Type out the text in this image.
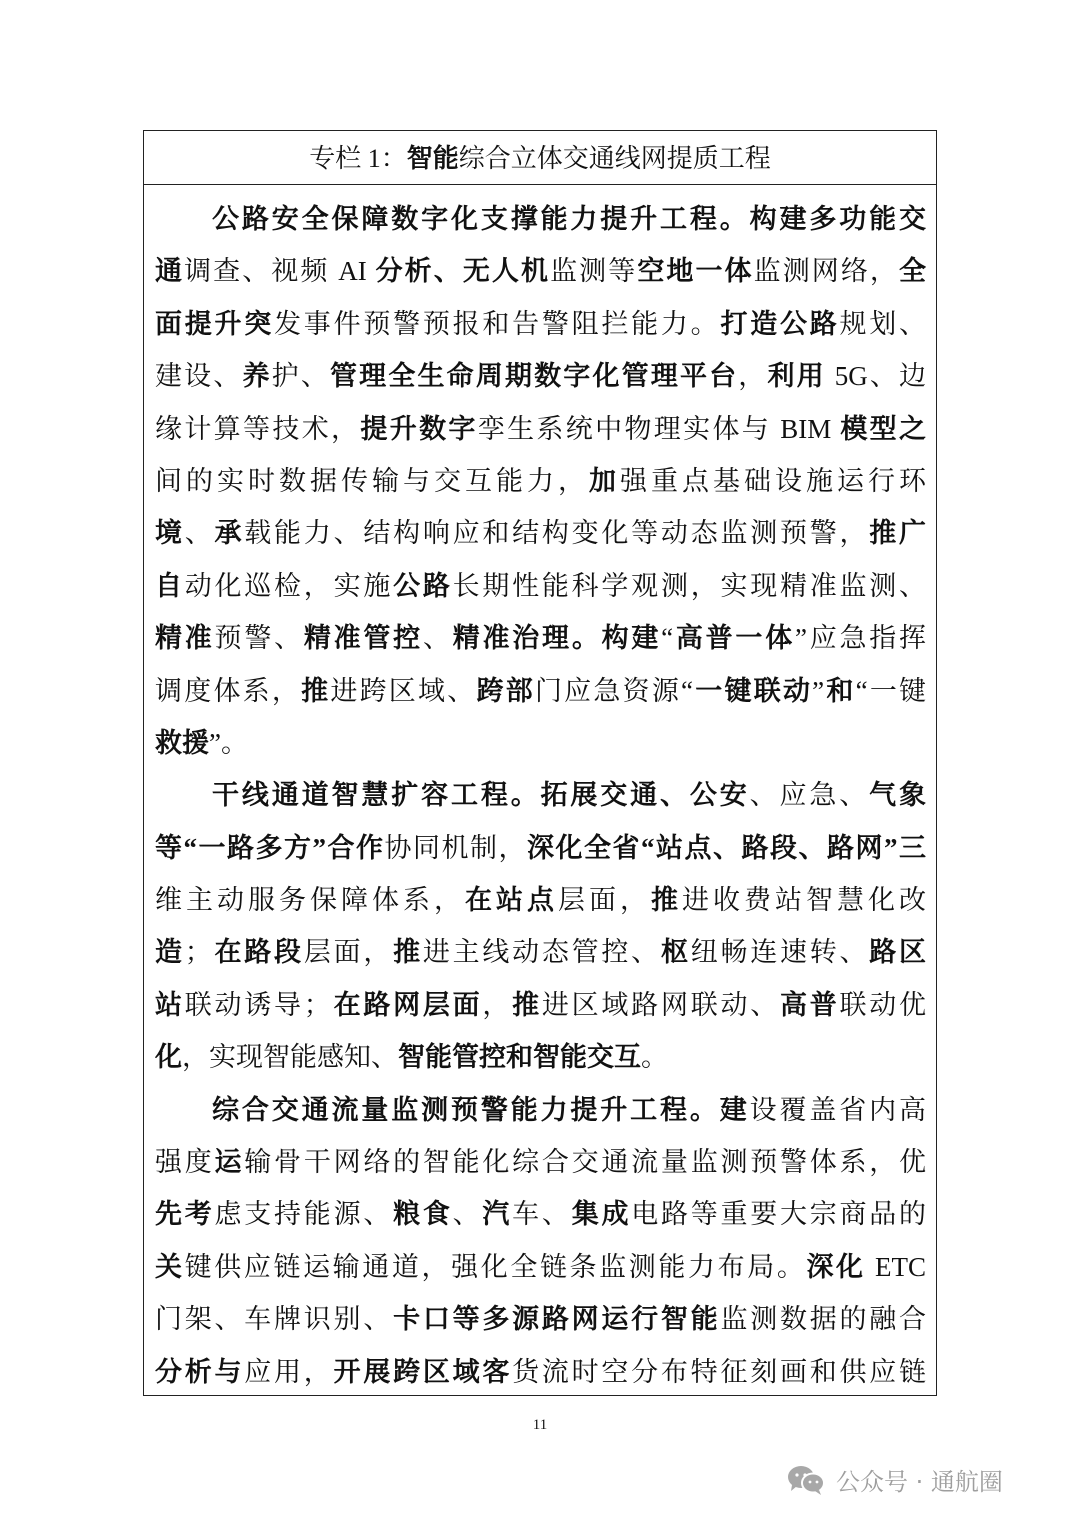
专栏 1：智能综合立体交通线网提质工程
公路安全保障数字化支撑能力提升工程。构建多功能交
通调查、视频 AI 分析、无人机监测等空地一体监测网络，全
面提升突发事件预警预报和告警阻拦能力。打造公路规划、
建设、养护、管理全生命周期数字化管理平台，利用 5G、边
缘计算等技术，提升数字孪生系统中物理实体与 BIM 模型之
间的实时数据传输与交互能力，加强重点基础设施运行环
境、承载能力、结构响应和结构变化等动态监测预警，推广
自动化巡检，实施公路长期性能科学观测，实现精准监测、
精准预警、精准管控、精准治理。构建“高普一体”应急指挥
调度体系，推进跨区域、跨部门应急资源“一键联动”和“一键
救援”。
干线通道智慧扩容工程。拓展交通、公安、应急、气象
等“一路多方”合作协同机制，深化全省“站点、路段、路网”三
维主动服务保障体系，在站点层面，推进收费站智慧化改
造；在路段层面，推进主线动态管控、枢纽畅连速转、路区
站联动诱导；在路网层面，推进区域路网联动、高普联动优
化，实现智能感知、智能管控和智能交互。
综合交通流量监测预警能力提升工程。建设覆盖省内高
强度运输骨干网络的智能化综合交通流量监测预警体系，优
先考虑支持能源、粮食、汽车、集成电路等重要大宗商品的
关键供应链运输通道，强化全链条监测能力布局。深化 ETC
门架、车牌识别、卡口等多源路网运行智能监测数据的融合
分析与应用，开展跨区域客货流时空分布特征刻画和供应链
11
公众号 · 通航圈
